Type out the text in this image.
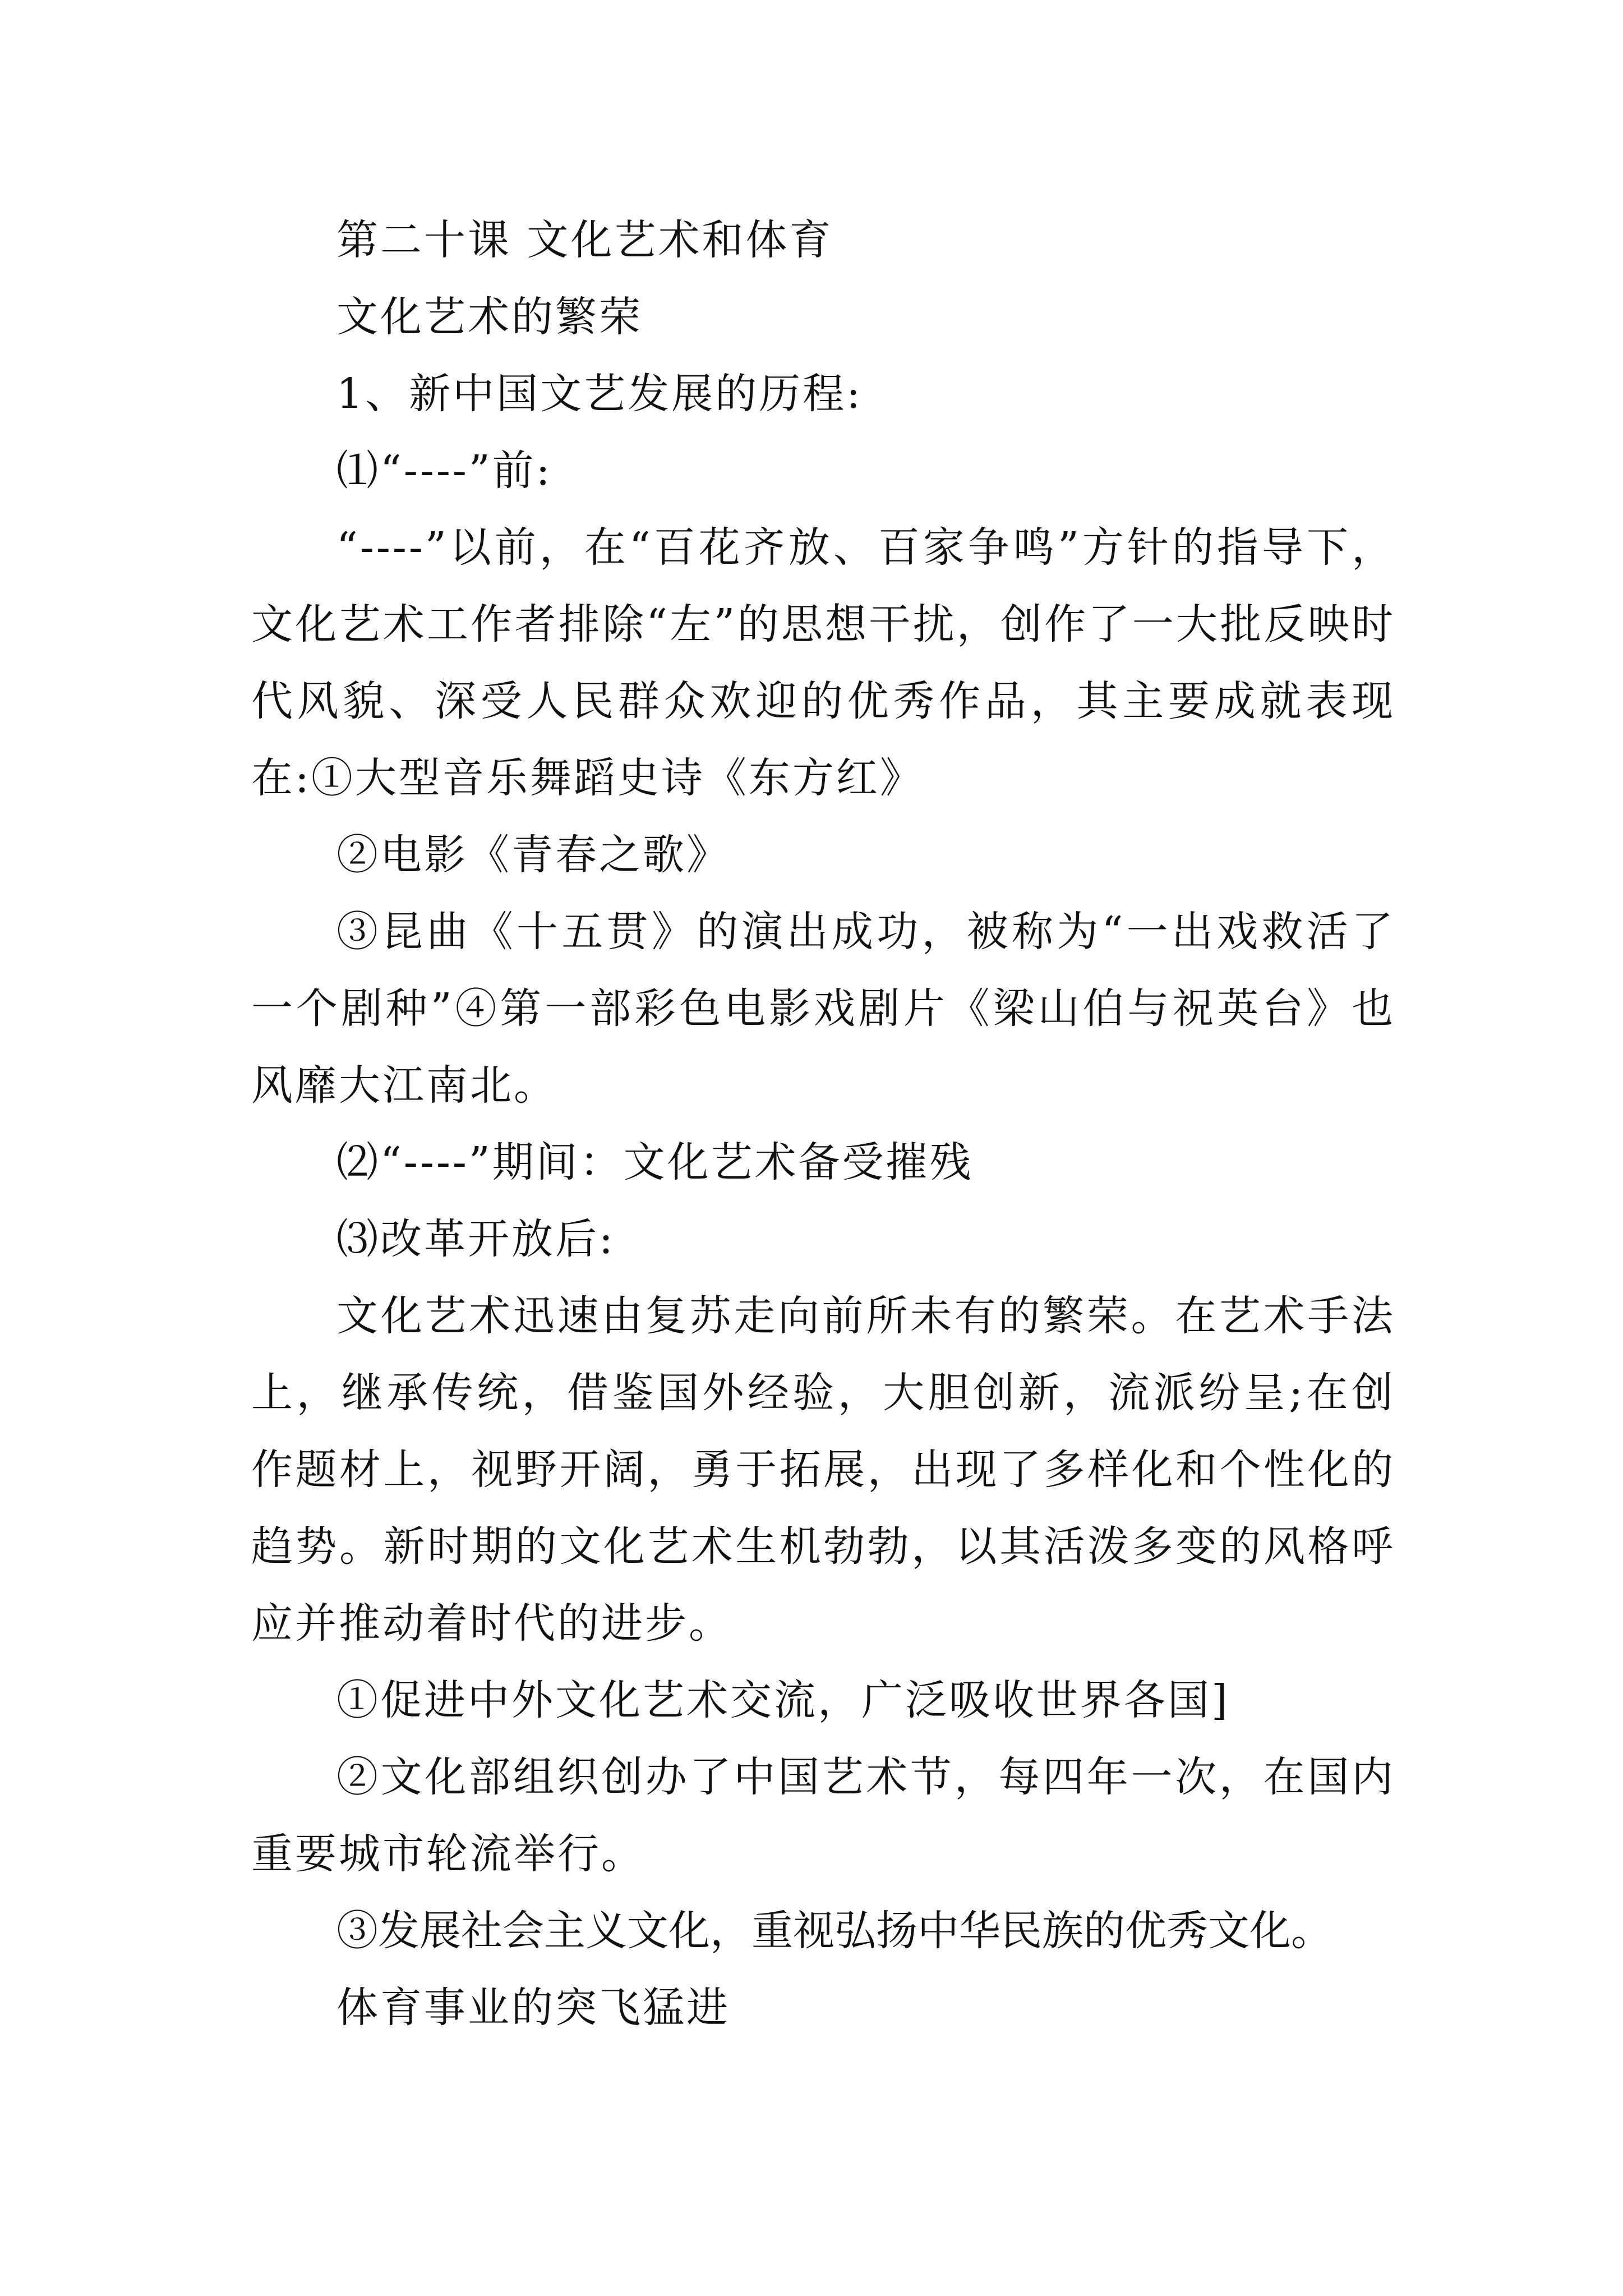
第二十课 文化艺术和体育

文化艺术的繁荣

1、新中国文艺发展的历程:

⑴“----”前:

“----”以前，在“百花齐放、百家争鸣”方针的指导下，文化艺术工作者排除“左”的思想干扰，创作了一大批反映时代风貌、深受人民群众欢迎的优秀作品，其主要成就表现在:①大型音乐舞蹈史诗《东方红》

②电影《青春之歌》

③昆曲《十五贯》的演出成功，被称为“一出戏救活了一个剧种”④第一部彩色电影戏剧片《梁山伯与祝英台》也风靡大江南北。

⑵“----”期间：文化艺术备受摧残

⑶改革开放后:

文化艺术迅速由复苏走向前所未有的繁荣。在艺术手法上，继承传统，借鉴国外经验，大胆创新，流派纷呈;在创作题材上，视野开阔，勇于拓展，出现了多样化和个性化的趋势。新时期的文化艺术生机勃勃，以其活泼多变的风格呼应并推动着时代的进步。

①促进中外文化艺术交流，广泛吸收世界各国]

②文化部组织创办了中国艺术节，每四年一次，在国内重要城市轮流举行。

③发展社会主义文化，重视弘扬中华民族的优秀文化。

体育事业的突飞猛进
